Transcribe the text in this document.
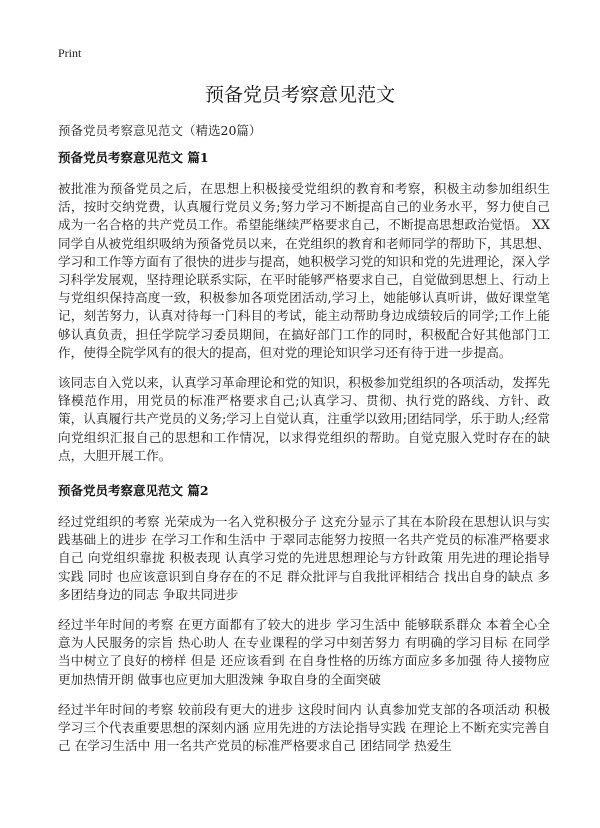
Print
预备党员考察意见范文
预备党员考察意见范文（精选20篇）
预备党员考察意见范文 篇1

被批准为预备党员之后，在思想上积极接受党组织的教育和考察，积极主动参加组织生活，按时交纳党费，认真履行党员义务;努力学习不断提高自己的业务水平，努力使自己成为一名合格的共产党员工作。希望能继续严格要求自己，不断提高思想政治觉悟。 XX同学自从被党组织吸纳为预备党员以来，在党组织的教育和老师同学的帮助下，其思想、学习和工作等方面有了很快的进步与提高，她积极学习党的知识和党的先进理论，深入学习科学发展观，坚持理论联系实际，在平时能够严格要求自己，自觉做到思想上、行动上与党组织保持高度一致，积极参加各项党团活动,学习上，她能够认真听讲，做好课堂笔记，刻苦努力，认真对待每一门科目的考试，能主动帮助身边成绩较后的同学;工作上能够认真负责，担任学院学习委员期间，在搞好部门工作的同时，积极配合好其他部门工作，使得全院学风有的很大的提高，但对党的理论知识学习还有待于进一步提高。

该同志自入党以来，认真学习革命理论和党的知识，积极参加党组织的各项活动，发挥先锋模范作用，用党员的标准严格要求自己;认真学习、贯彻、执行党的路线、方针、政策，认真履行共产党员的义务;学习上自觉认真，注重学以致用;团结同学，乐于助人;经常向党组织汇报自己的思想和工作情况，以求得党组织的帮助。自觉克服入党时存在的缺点，大胆开展工作。

预备党员考察意见范文 篇2

经过党组织的考察 光荣成为一名入党积极分子 这充分显示了其在本阶段在思想认识与实践基础上的进步 在学习工作和生活中 于翠同志能努力按照一名共产党员的标准严格要求自己 向党组织靠拢 积极表现 认真学习党的先进思想理论与方针政策 用先进的理论指导实践 同时 也应该意识到自身存在的不足 群众批评与自我批评相结合 找出自身的缺点 多多团结身边的同志 争取共同进步

经过半年时间的考察 在更方面都有了较大的进步 学习生活中 能够联系群众 本着全心全意为人民服务的宗旨 热心助人 在专业课程的学习中刻苦努力 有明确的学习目标 在同学当中树立了良好的榜样 但是 还应该看到 在自身性格的历练方面应多多加强 待人接物应更加热情开朗 做事也应更加大胆泼辣 争取自身的全面突破

经过半年时间的考察 较前段有更大的进步 这段时间内 认真参加党支部的各项活动 积极学习三个代表重要思想的深刻内涵 应用先进的方法论指导实践 在理论上不断充实完善自己 在学习生活中 用一名共产党员的标准严格要求自己 团结同学 热爱生
